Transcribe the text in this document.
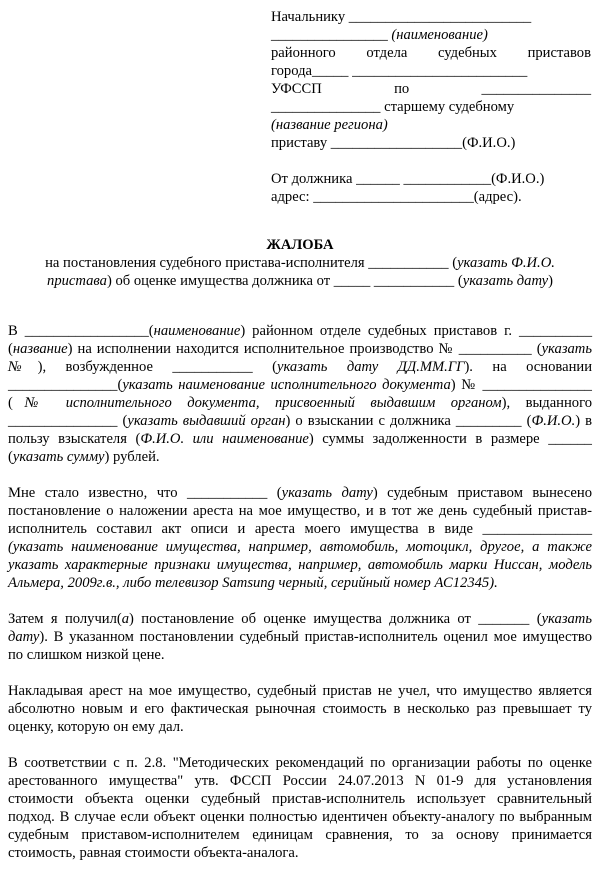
Начальнику _________________________
________________ (наименование)
районного отдела судебных приставов
города_____ ________________________
УФССП по _______________
_______________ старшему судебному
(название региона)
приставу __________________(Ф.И.О.)
От должника ______ ____________(Ф.И.О.)
адрес: ______________________(адрес).
ЖАЛОБА
на постановления судебного пристава-исполнителя ___________ (указать Ф.И.О.
пристава) об оценке имущества должника от _____ ___________ (указать дату)

В _________________(наименование) районном отделе судебных приставов г. __________ (название) на исполнении находится исполнительное производство № __________ (указать №), возбужденное ___________ (указать дату ДД.ММ.ГГ). на основании _______________(указать наименование исполнительного документа) № _______________ (№ исполнительного документа, присвоенный выдавшим органом), выданного _______________ (указать выдавший орган) о взыскании с должника _________ (Ф.И.О.) в пользу взыскателя (Ф.И.О. или наименование) суммы задолженности в размере ______ (указать сумму) рублей.

Мне стало известно, что ___________ (указать дату) судебным приставом вынесено постановление о наложении ареста на мое имущество, и в тот же день судебный пристав-исполнитель составил акт описи и ареста моего имущества в виде _______________ (указать наименование имущества, например, автомобиль, мотоцикл, другое, а также указать характерные признаки имущества, например, автомобиль марки Ниссан, модель Альмера, 2009г.в., либо телевизор Samsung черный, серийный номер АС12345).

Затем я получил(а) постановление об оценке имущества должника от _______ (указать дату). В указанном постановлении судебный пристав-исполнитель оценил мое имущество по слишком низкой цене.

Накладывая арест на мое имущество, судебный пристав не учел, что имущество является абсолютно новым и его фактическая рыночная стоимость в несколько раз превышает ту оценку, которую он ему дал.

В соответствии с п. 2.8. "Методических рекомендаций по организации работы по оценке арестованного имущества" утв. ФССП России 24.07.2013 N 01-9 для установления стоимости объекта оценки судебный пристав-исполнитель использует сравнительный подход. В случае если объект оценки полностью идентичен объекту-аналогу по выбранным судебным приставом-исполнителем единицам сравнения, то за основу принимается стоимость, равная стоимости объекта-аналога.
